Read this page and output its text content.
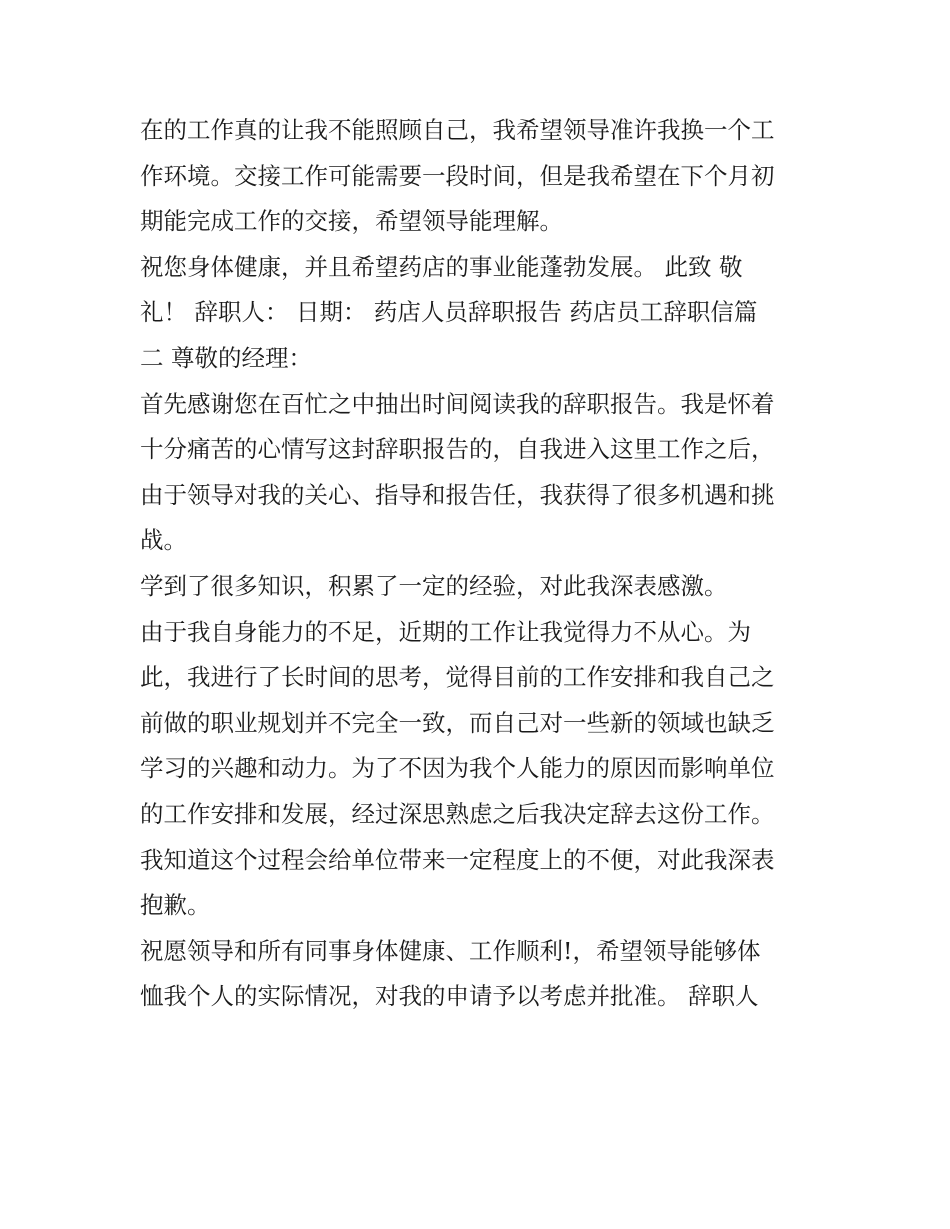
在的工作真的让我不能照顾自己，我希望领导准许我换一个工
作环境。交接工作可能需要一段时间，但是我希望在下个月初
期能完成工作的交接，希望领导能理解。
祝您身体健康，并且希望药店的事业能蓬勃发展。 此致 敬
礼！ 辞职人： 日期： 药店人员辞职报告 药店员工辞职信篇
二 尊敬的经理：
首先感谢您在百忙之中抽出时间阅读我的辞职报告。我是怀着
十分痛苦的心情写这封辞职报告的，自我进入这里工作之后，
由于领导对我的关心、指导和报告任，我获得了很多机遇和挑
战。
学到了很多知识，积累了一定的经验，对此我深表感激。
由于我自身能力的不足，近期的工作让我觉得力不从心。为
此，我进行了长时间的思考，觉得目前的工作安排和我自己之
前做的职业规划并不完全一致，而自己对一些新的领域也缺乏
学习的兴趣和动力。为了不因为我个人能力的原因而影响单位
的工作安排和发展，经过深思熟虑之后我决定辞去这份工作。
我知道这个过程会给单位带来一定程度上的不便，对此我深表
抱歉。
祝愿领导和所有同事身体健康、工作顺利!，希望领导能够体
恤我个人的实际情况，对我的申请予以考虑并批准。 辞职人
